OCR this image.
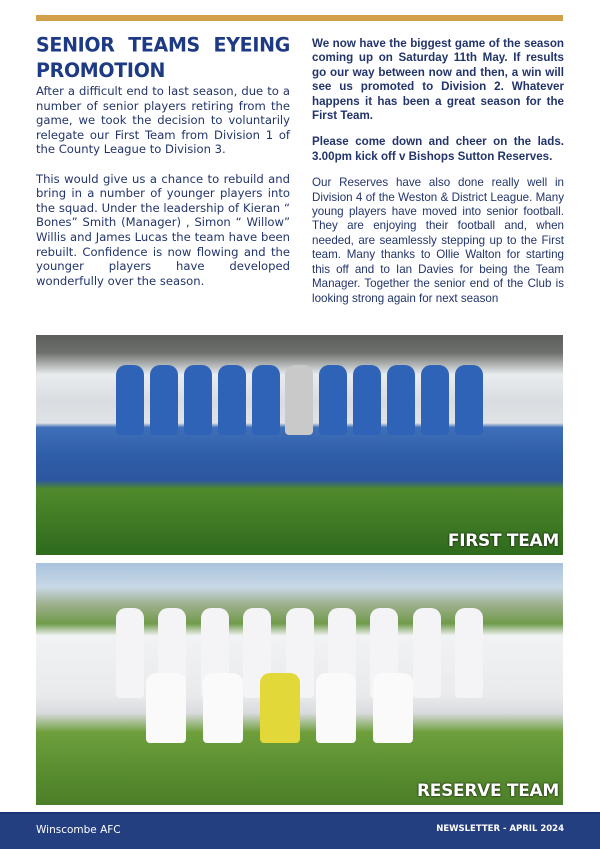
SENIOR TEAMS EYEING PROMOTION

After a difficult end to last season, due to a number of senior players retiring from the game, we took the decision to voluntarily relegate our First Team from Division 1 of the County League to Division 3.

This would give us a chance to rebuild and bring in a number of younger players into the squad. Under the leadership of Kieran “ Bones” Smith (Manager) , Simon “ Willow” Willis and James Lucas the team have been rebuilt. Confidence is now flowing and the younger players have developed wonderfully over the season.

We now have the biggest game of the season coming up on Saturday 11th May. If results go our way between now and then, a win will see us promoted to Division 2. Whatever happens it has been a great season for the First Team.

Please come down and cheer on the lads. 3.00pm kick off v Bishops Sutton Reserves.

Our Reserves have also done really well in Division 4 of the Weston & District League. Many young players have moved into senior football. They are enjoying their football and, when needed, are seamlessly stepping up to the First team. Many thanks to Ollie Walton for starting this off and to Ian Davies for being the Team Manager. Together the senior end of the Club is looking strong again for next season

FIRST TEAM
RESERVE TEAM
Winscombe AFC	NEWSLETTER - APRIL 2024
